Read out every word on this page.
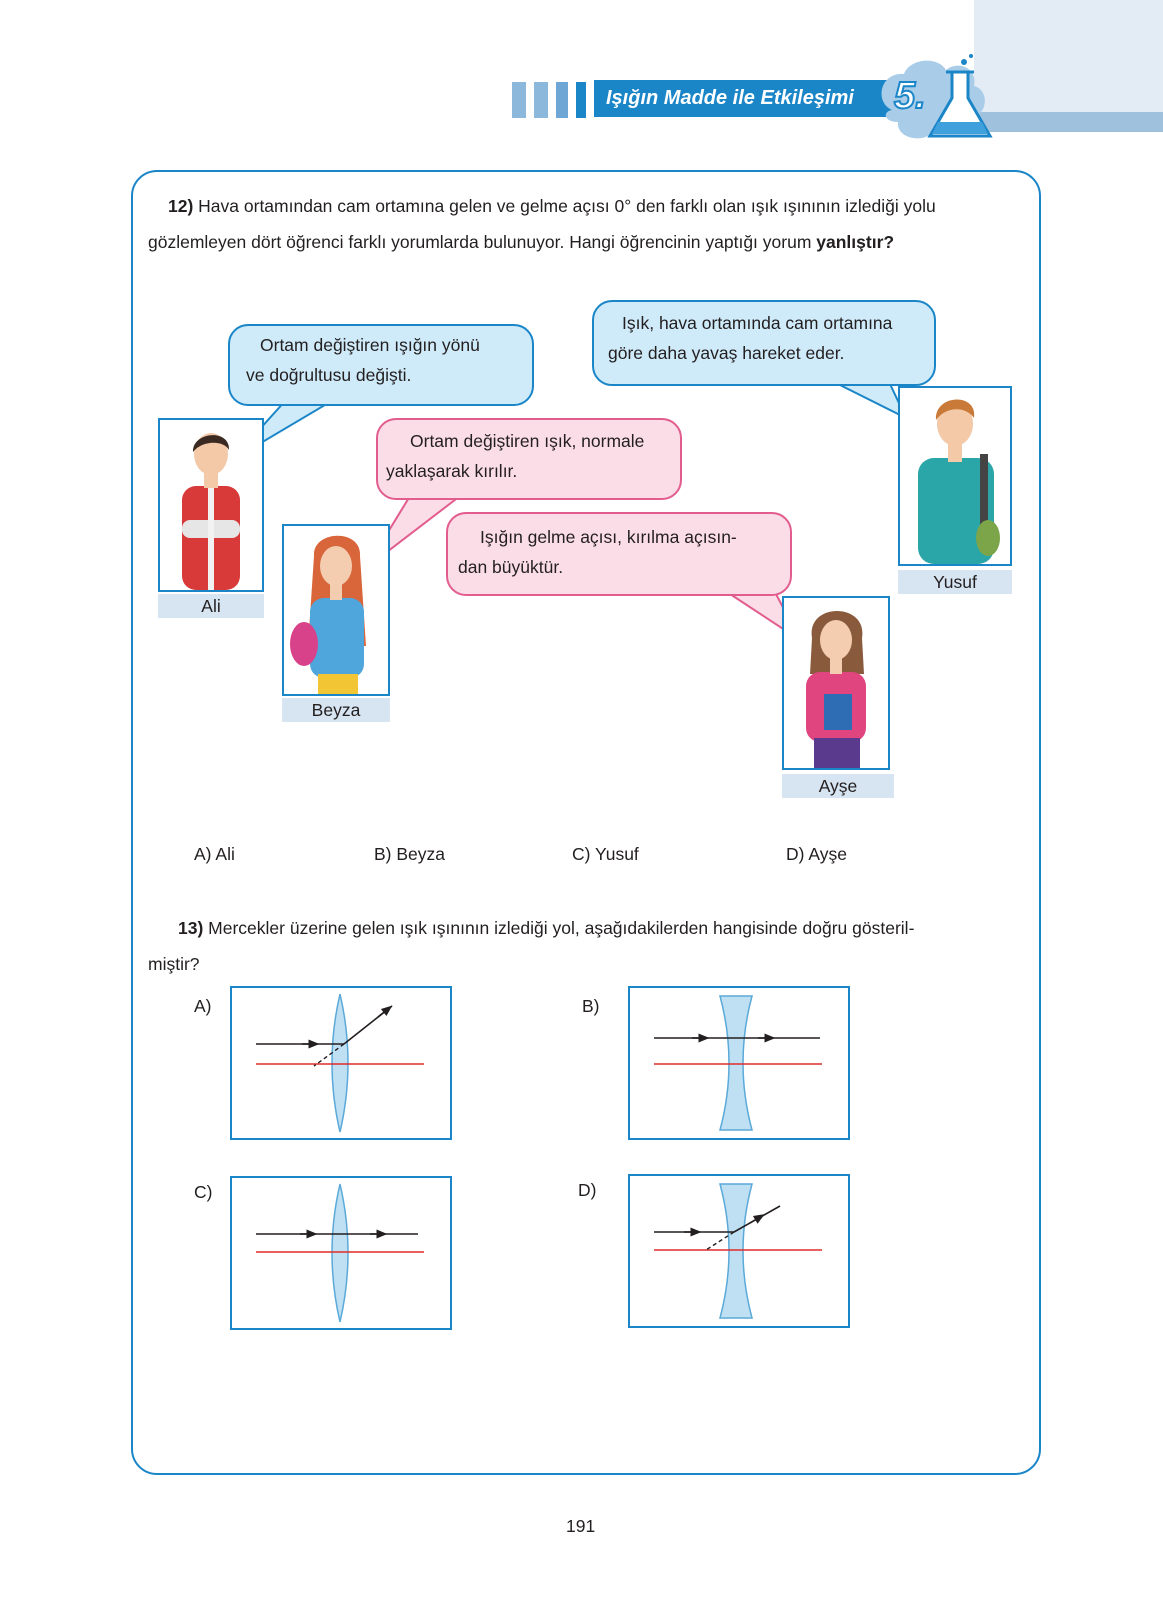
Işığın Madde ile Etkileşimi	5.
12) Hava ortamından cam ortamına gelen ve gelme açısı 0° den farklı olan ışık ışınının izlediği yolu
gözlemleyen dört öğrenci farklı yorumlarda bulunuyor. Hangi öğrencinin yaptığı yorum yanlıştır?
Ortam değiştiren ışığın yönü
ve doğrultusu değişti.
Işık, hava ortamında cam ortamına
göre daha yavaş hareket eder.
Ortam değiştiren ışık, normale
yaklaşarak kırılır.
Işığın gelme açısı, kırılma açısın-
dan büyüktür.
Ali
Beyza
Yusuf
Ayşe
A) Ali	B) Beyza	C) Yusuf	D) Ayşe
13) Mercekler üzerine gelen ışık ışınının izlediği yol, aşağıdakilerden hangisinde doğru gösteril-
miştir?
A)	B)
C)	D)
191
